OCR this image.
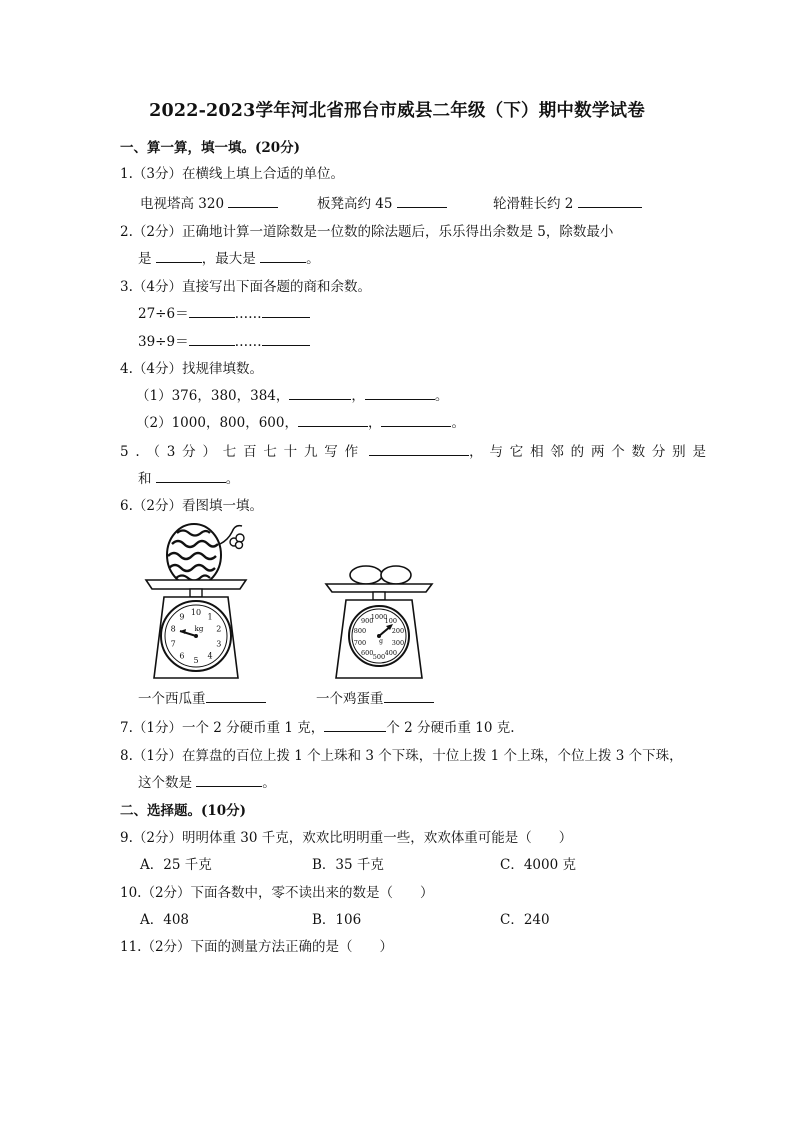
2022-2023学年河北省邢台市威县二年级（下）期中数学试卷
一、算一算，填一填。(20分)
1.（3分）在横线上填上合适的单位。
电视塔高 320	板凳高约 45	轮滑鞋长约 2
2.（2分）正确地计算一道除数是一位数的除法题后，乐乐得出余数是 5，除数最小
是	，最大是	。
3.（4分）直接写出下面各题的商和余数。
27÷6＝	……
39÷9＝	……
4.（4分）找规律填数。
（1）376，380，384，	，	。
（2）1000，800，600，	，	。
5.（3分）七百七十九写作	，与它相邻的两个数分别是
和	。
6.（2分）看图填一填。
10
1
2
3
4
5
6
7
8
9
kg
1000
100
200
300
400
500
600
700
800
900
g
一个西瓜重	一个鸡蛋重
7.（1分）一个 2 分硬币重 1 克，	个 2 分硬币重 10 克.
8.（1分）在算盘的百位上拨 1 个上珠和 3 个下珠，十位上拨 1 个上珠，个位上拨 3 个下珠，
这个数是	。
二、选择题。(10分)
9.（2分）明明体重 30 千克，欢欢比明明重一些，欢欢体重可能是（　　）
A．25 千克	B．35 千克	C．4000 克
10.（2分）下面各数中，零不读出来的数是（　　）
A．408	B．106	C．240
11.（2分）下面的测量方法正确的是（　　）
